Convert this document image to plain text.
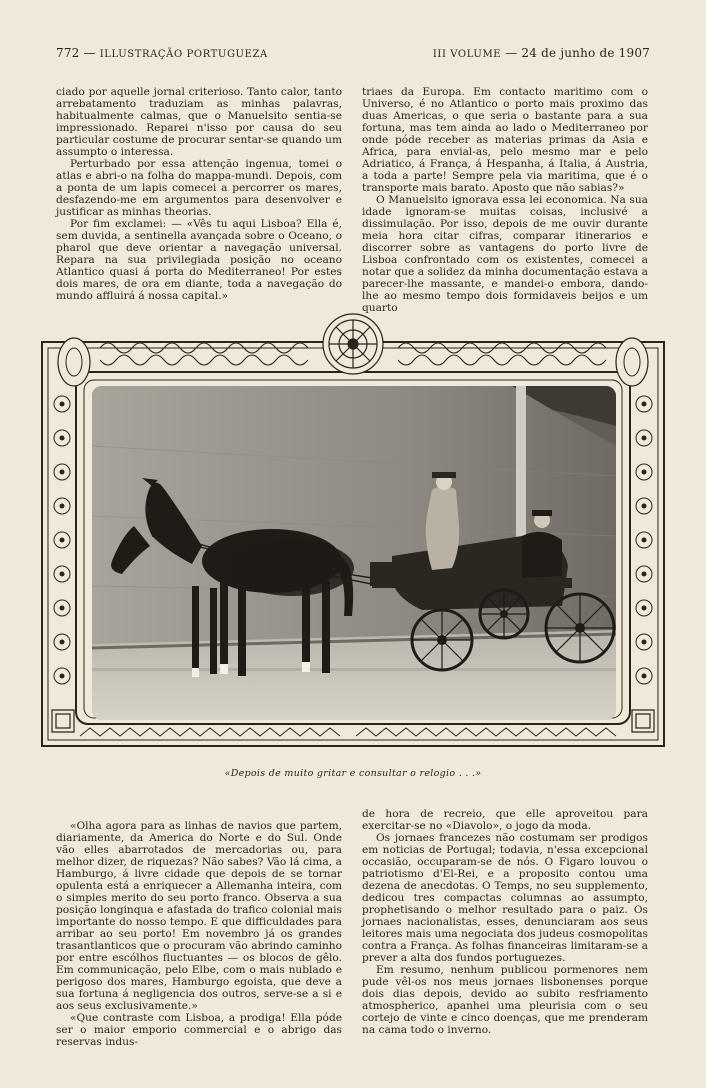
772 — ILLUSTRAÇÃO PORTUGUEZA	III VOLUME — 24 de junho de 1907

ciado por aquelle jornal criterioso. Tanto calor, tanto arrebatamento traduziam as minhas palavras, habitualmente calmas, que o Manuelsito sentia-se impressionado. Reparei n'isso por causa do seu particular costume de procurar sentar-se quando um assumpto o interessa.

Perturbado por essa attenção ingenua, tomei o atlas e abri-o na folha do mappa-mundi. Depois, com a ponta de um lapis comecei a percorrer os mares, desfazendo-me em argumentos para desenvolver e justificar as minhas theorias.

Por fim exclamei: — «Vês tu aqui Lisboa? Ella é, sem duvida, a sentinella avançada sobre o Oceano, o pharol que deve orientar a navegação universal. Repara na sua privilegiada posição no oceano Atlantico quasi á porta do Mediterraneo! Por estes dois mares, de ora em diante, toda a navegação do mundo affluirá á nossa capital.»

triaes da Europa. Em contacto maritimo com o Universo, é no Atlantico o porto mais proximo das duas Americas, o que seria o bastante para a sua fortuna, mas tem ainda ao lado o Mediterraneo por onde póde receber as materias primas da Asia e Africa, para envial-as, pelo mesmo mar e pelo Adriatico, á França, á Hespanha, á Italia, á Austria, a toda a parte! Sempre pela via maritima, que é o transporte mais barato. Aposto que não sabias?»

O Manuelsito ignorava essa lei economica. Na sua idade ignoram-se muitas coisas, inclusivé a dissimulação. Por isso, depois de me ouvir durante meia hora citar cifras, comparar itinerarios e discorrer sobre as vantagens do porto livre de Lisboa confrontado com os existentes, comecei a notar que a solidez da minha documentação estava a parecer-lhe massante, e mandei-o embora, dando-lhe ao mesmo tempo dois formidaveis beijos e um quarto

«Depois de muito gritar e consultar o relogio . . .»

«Olha agora para as linhas de navios que partem, diariamente, da America do Norte e do Sul. Onde vão elles abarrotados de mercadorias ou, para melhor dizer, de riquezas? Não sabes? Vão lá cima, a Hamburgo, á livre cidade que depois de se tornar opulenta está a enriquecer a Allemanha inteira, com o simples merito do seu porto franco. Observa a sua posição longinqua e afastada do trafico colonial mais importante do nosso tempo. E que difficuldades para arribar ao seu porto! Em novembro já os grandes trasantlanticos que o procuram vão abrindo caminho por entre escólhos fluctuantes — os blocos de gêlo. Em communicação, pelo Elbe, com o mais nublado e perigoso dos mares, Hamburgo egoista, que deve a sua fortuna á negligencia dos outros, serve-se a si e aos seus exclusivamente.»

«Que contraste com Lisboa, a prodiga! Ella póde ser o maior emporio commercial e o abrigo das reservas indus-

de hora de recreio, que elle aproveitou para exercitar-se no «Diavolo», o jogo da moda.

Os jornaes francezes não costumam ser prodigos em noticias de Portugal; todavia, n'essa excepcional occasião, occuparam-se de nós. O Figaro louvou o patriotismo d'El-Rei, e a proposito contou uma dezena de anecdotas. O Temps, no seu supplemento, dedicou tres compactas columnas ao assumpto, prophetisando o melhor resultado para o paiz. Os jornaes nacionalistas, esses, denunciaram aos seus leitores mais uma negociata dos judeus cosmopolitas contra a França. As folhas financeiras limitaram-se a prever a alta dos fundos portuguezes.

Em resumo, nenhum publicou pormenores nem pude vêl-os nos meus jornaes lisbonenses porque dois dias depois, devido ao subito resfriamento atmospherico, apanhei uma pleurisia com o seu cortejo de vinte e cinco doenças, que me prenderam na cama todo o inverno.
